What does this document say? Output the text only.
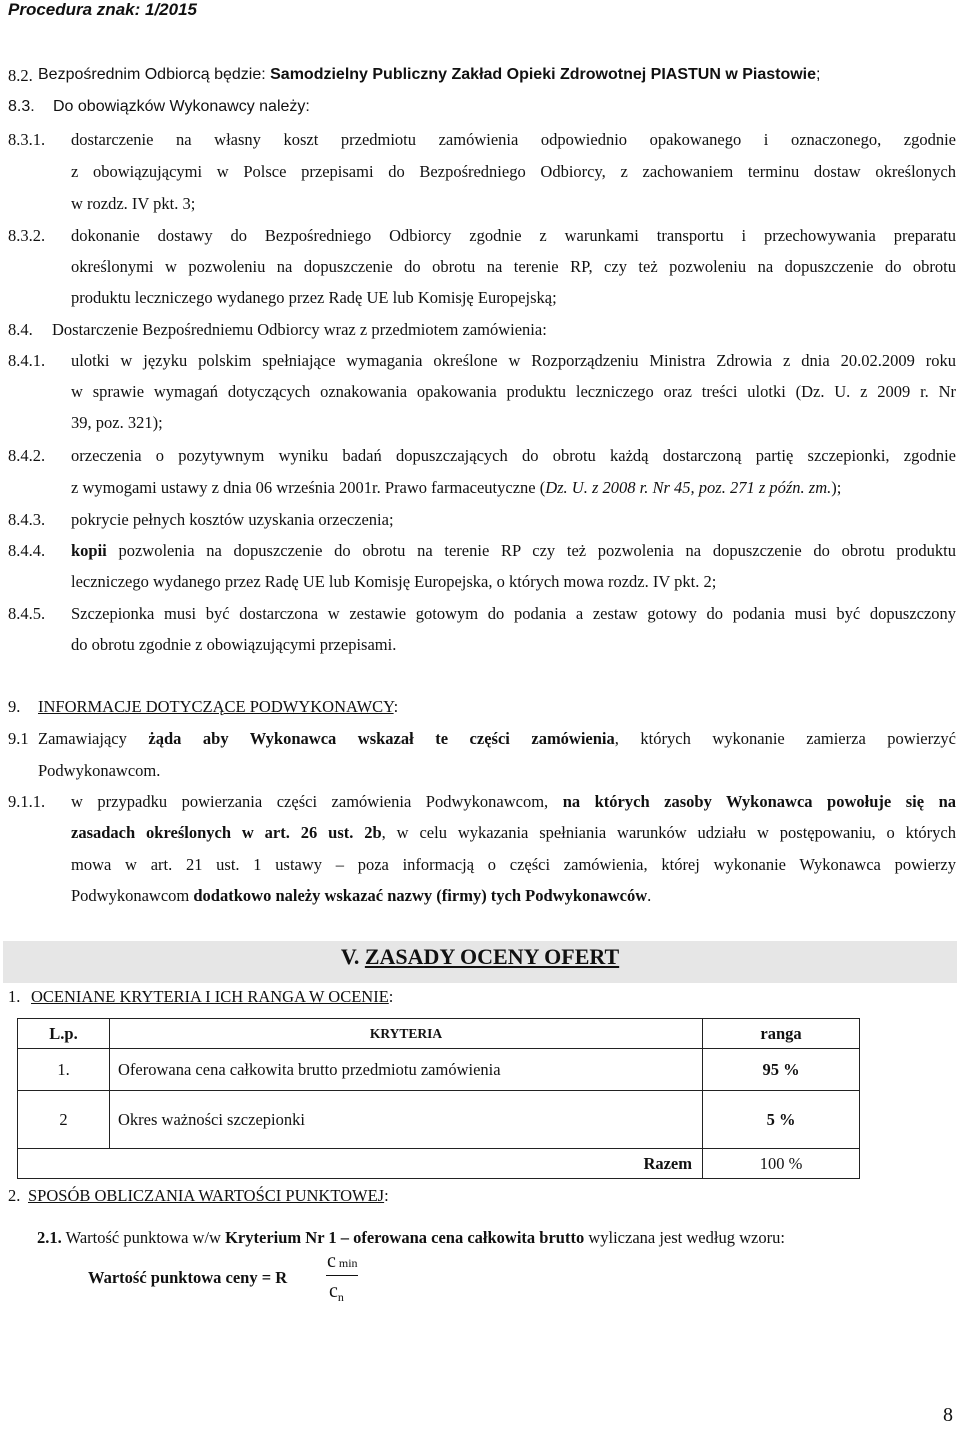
Procedura znak: 1/2015
8.2. Bezpośrednim Odbiorcą będzie: Samodzielny Publiczny Zakład Opieki Zdrowotnej PIASTUN w Piastowie;
8.3. Do obowiązków Wykonawcy należy:
8.3.1. dostarczenie na własny koszt przedmiotu zamówienia odpowiednio opakowanego i oznaczonego, zgodnie
z obowiązującymi w Polsce przepisami do Bezpośredniego Odbiorcy, z zachowaniem terminu dostaw określonych
w rozdz. IV pkt. 3;
8.3.2. dokonanie dostawy do Bezpośredniego Odbiorcy zgodnie z warunkami transportu i przechowywania preparatu
określonymi w pozwoleniu na dopuszczenie do obrotu na terenie RP, czy też pozwoleniu na dopuszczenie do obrotu
produktu leczniczego wydanego przez Radę UE lub Komisję Europejską;
8.4. Dostarczenie Bezpośredniemu Odbiorcy wraz z przedmiotem zamówienia:
8.4.1. ulotki w języku polskim spełniające wymagania określone w Rozporządzeniu Ministra Zdrowia z dnia 20.02.2009 roku
w sprawie wymagań dotyczących oznakowania opakowania produktu leczniczego oraz treści ulotki (Dz. U. z 2009 r. Nr
39, poz. 321);
8.4.2. orzeczenia o pozytywnym wyniku badań dopuszczających do obrotu każdą dostarczoną partię szczepionki, zgodnie
z wymogami ustawy z dnia 06 września 2001r. Prawo farmaceutyczne (Dz. U. z 2008 r. Nr 45, poz. 271 z późn. zm.);
8.4.3. pokrycie pełnych kosztów uzyskania orzeczenia;
8.4.4. kopii pozwolenia na dopuszczenie do obrotu na terenie RP czy też pozwolenia na dopuszczenie do obrotu produktu
leczniczego wydanego przez Radę UE lub Komisję Europejska, o których mowa rozdz. IV pkt. 2;
8.4.5. Szczepionka musi być dostarczona w zestawie gotowym do podania a zestaw gotowy do podania musi być dopuszczony
do obrotu zgodnie z obowiązującymi przepisami.
9. INFORMACJE DOTYCZĄCE PODWYKONAWCY:
9.1 Zamawiający żąda aby Wykonawca wskazał te części zamówienia, których wykonanie zamierza powierzyć
Podwykonawcom.
9.1.1. w przypadku powierzania części zamówienia Podwykonawcom, na których zasoby Wykonawca powołuje się na
zasadach określonych w art. 26 ust. 2b, w celu wykazania spełniania warunków udziału w postępowaniu, o których
mowa w art. 21 ust. 1 ustawy – poza informacją o części zamówienia, której wykonanie Wykonawca powierzy
Podwykonawcom dodatkowo należy wskazać nazwy (firmy) tych Podwykonawców.
V. ZASADY OCENY OFERT
1. OCENIANE KRYTERIA I ICH RANGA W OCENIE:
L.p.	KRYTERIA	ranga
1.	Oferowana cena całkowita brutto przedmiotu zamówienia	95 %
2	Okres ważności szczepionki	5 %
Razem		100 %
2. SPOSÓB OBLICZANIA WARTOŚCI PUNKTOWEJ:
2.1. Wartość punktowa w/w Kryterium Nr 1 – oferowana cena całkowita brutto wyliczana jest według wzoru:
Wartość punktowa ceny = R
c min
$c_n$
8
